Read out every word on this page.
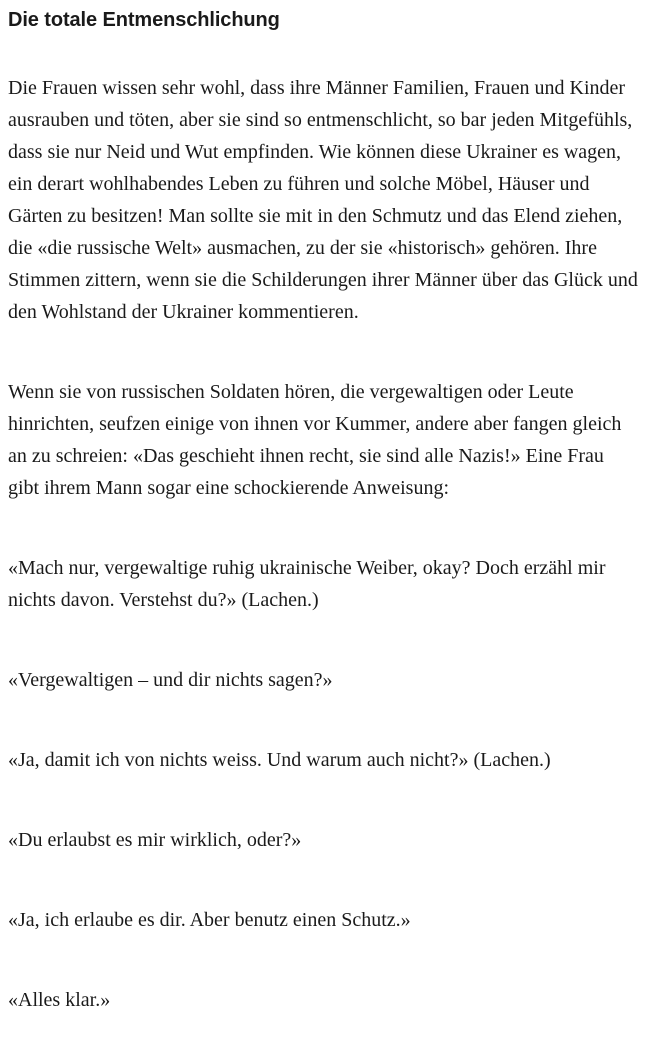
Die totale Entmenschlichung

Die Frauen wissen sehr wohl, dass ihre Männer Familien, Frauen und Kinder ausrauben und töten, aber sie sind so entmenschlicht, so bar jeden Mitgefühls, dass sie nur Neid und Wut empfinden. Wie können diese Ukrainer es wagen, ein derart wohlhabendes Leben zu führen und solche Möbel, Häuser und Gärten zu besitzen! Man sollte sie mit in den Schmutz und das Elend ziehen, die «die russische Welt» ausmachen, zu der sie «historisch» gehören. Ihre Stimmen zittern, wenn sie die Schilderungen ihrer Männer über das Glück und den Wohlstand der Ukrainer kommentieren.

Wenn sie von russischen Soldaten hören, die vergewaltigen oder Leute hinrichten, seufzen einige von ihnen vor Kummer, andere aber fangen gleich an zu schreien: «Das geschieht ihnen recht, sie sind alle Nazis!» Eine Frau gibt ihrem Mann sogar eine schockierende Anweisung:

«Mach nur, vergewaltige ruhig ukrainische Weiber, okay? Doch erzähl mir nichts davon. Verstehst du?» (Lachen.)

«Vergewaltigen – und dir nichts sagen?»

«Ja, damit ich von nichts weiss. Und warum auch nicht?» (Lachen.)

«Du erlaubst es mir wirklich, oder?»

«Ja, ich erlaube es dir. Aber benutz einen Schutz.»

«Alles klar.»
